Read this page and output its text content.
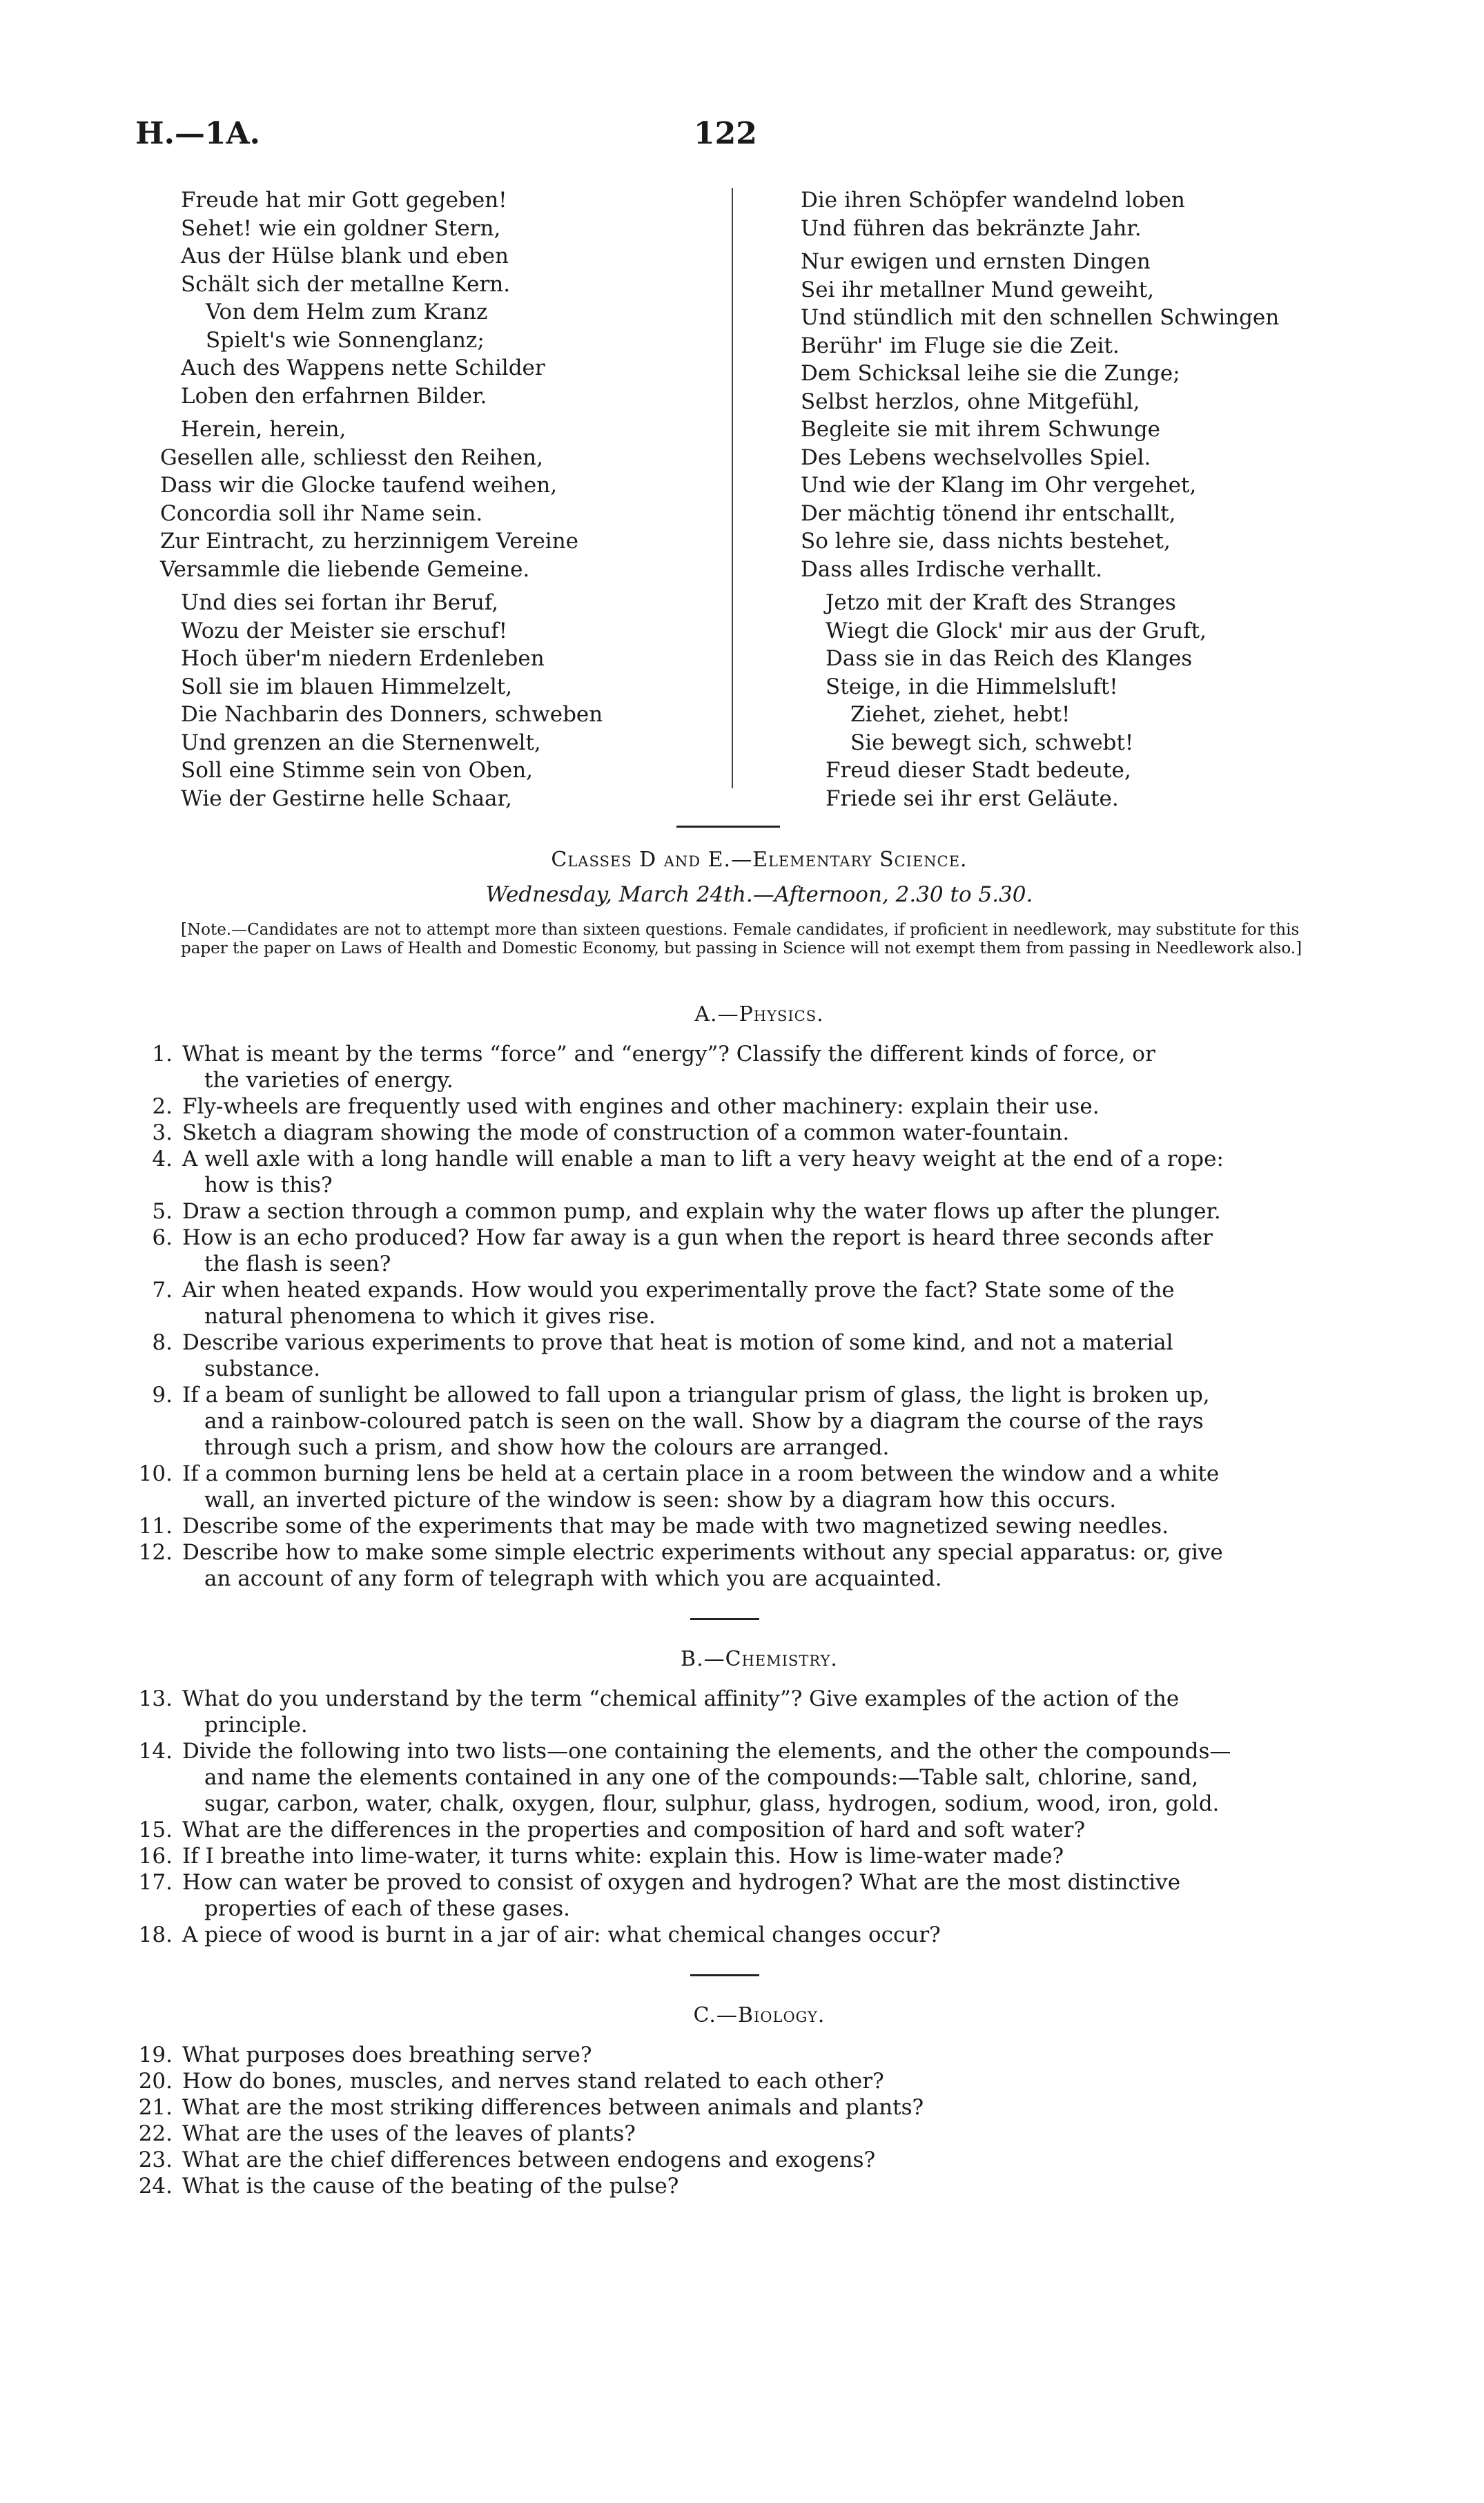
H.—1A.	122
Freude hat mir Gott gegeben!
Sehet! wie ein goldner Stern,
Aus der Hülse blank und eben
Schält sich der metallne Kern.
Von dem Helm zum Kranz
Spielt's wie Sonnenglanz;
Auch des Wappens nette Schilder
Loben den erfahrnen Bilder.
Herein, herein,
Gesellen alle, schliesst den Reihen,
Dass wir die Glocke taufend weihen,
Concordia soll ihr Name sein.
Zur Eintracht, zu herzinnigem Vereine
Versammle die liebende Gemeine.
Und dies sei fortan ihr Beruf,
Wozu der Meister sie erschuf!
Hoch über'm niedern Erdenleben
Soll sie im blauen Himmelzelt,
Die Nachbarin des Donners, schweben
Und grenzen an die Sternenwelt,
Soll eine Stimme sein von Oben,
Wie der Gestirne helle Schaar,
Die ihren Schöpfer wandelnd loben
Und führen das bekränzte Jahr.
Nur ewigen und ernsten Dingen
Sei ihr metallner Mund geweiht,
Und stündlich mit den schnellen Schwingen
Berühr' im Fluge sie die Zeit.
Dem Schicksal leihe sie die Zunge;
Selbst herzlos, ohne Mitgefühl,
Begleite sie mit ihrem Schwunge
Des Lebens wechselvolles Spiel.
Und wie der Klang im Ohr vergehet,
Der mächtig tönend ihr entschallt,
So lehre sie, dass nichts bestehet,
Dass alles Irdische verhallt.
Jetzo mit der Kraft des Stranges
Wiegt die Glock' mir aus der Gruft,
Dass sie in das Reich des Klanges
Steige, in die Himmelsluft!
Ziehet, ziehet, hebt!
Sie bewegt sich, schwebt!
Freud dieser Stadt bedeute,
Friede sei ihr erst Geläute.
Classes D and E.—Elementary Science.
Wednesday, March 24th.—Afternoon, 2.30 to 5.30.
[Note.—Candidates are not to attempt more than sixteen questions. Female candidates, if proficient in needlework, may substitute for this paper the paper on Laws of Health and Domestic Economy, but passing in Science will not exempt them from passing in Needlework also.]
A.—Physics.
1. What is meant by the terms “force” and “energy”? Classify the different kinds of force, or
the varieties of energy.
2. Fly-wheels are frequently used with engines and other machinery: explain their use.
3. Sketch a diagram showing the mode of construction of a common water-fountain.
4. A well axle with a long handle will enable a man to lift a very heavy weight at the end of a rope:
how is this?
5. Draw a section through a common pump, and explain why the water flows up after the plunger.
6. How is an echo produced? How far away is a gun when the report is heard three seconds after
the flash is seen?
7. Air when heated expands. How would you experimentally prove the fact? State some of the
natural phenomena to which it gives rise.
8. Describe various experiments to prove that heat is motion of some kind, and not a material
substance.
9. If a beam of sunlight be allowed to fall upon a triangular prism of glass, the light is broken up,
and a rainbow-coloured patch is seen on the wall. Show by a diagram the course of the rays
through such a prism, and show how the colours are arranged.
10. If a common burning lens be held at a certain place in a room between the window and a white
wall, an inverted picture of the window is seen: show by a diagram how this occurs.
11. Describe some of the experiments that may be made with two magnetized sewing needles.
12. Describe how to make some simple electric experiments without any special apparatus: or, give
an account of any form of telegraph with which you are acquainted.
B.—Chemistry.
13. What do you understand by the term “chemical affinity”? Give examples of the action of the
principle.
14. Divide the following into two lists—one containing the elements, and the other the compounds—
and name the elements contained in any one of the compounds:—Table salt, chlorine, sand,
sugar, carbon, water, chalk, oxygen, flour, sulphur, glass, hydrogen, sodium, wood, iron, gold.
15. What are the differences in the properties and composition of hard and soft water?
16. If I breathe into lime-water, it turns white: explain this. How is lime-water made?
17. How can water be proved to consist of oxygen and hydrogen? What are the most distinctive
properties of each of these gases.
18. A piece of wood is burnt in a jar of air: what chemical changes occur?
C.—Biology.
19. What purposes does breathing serve?
20. How do bones, muscles, and nerves stand related to each other?
21. What are the most striking differences between animals and plants?
22. What are the uses of the leaves of plants?
23. What are the chief differences between endogens and exogens?
24. What is the cause of the beating of the pulse?
